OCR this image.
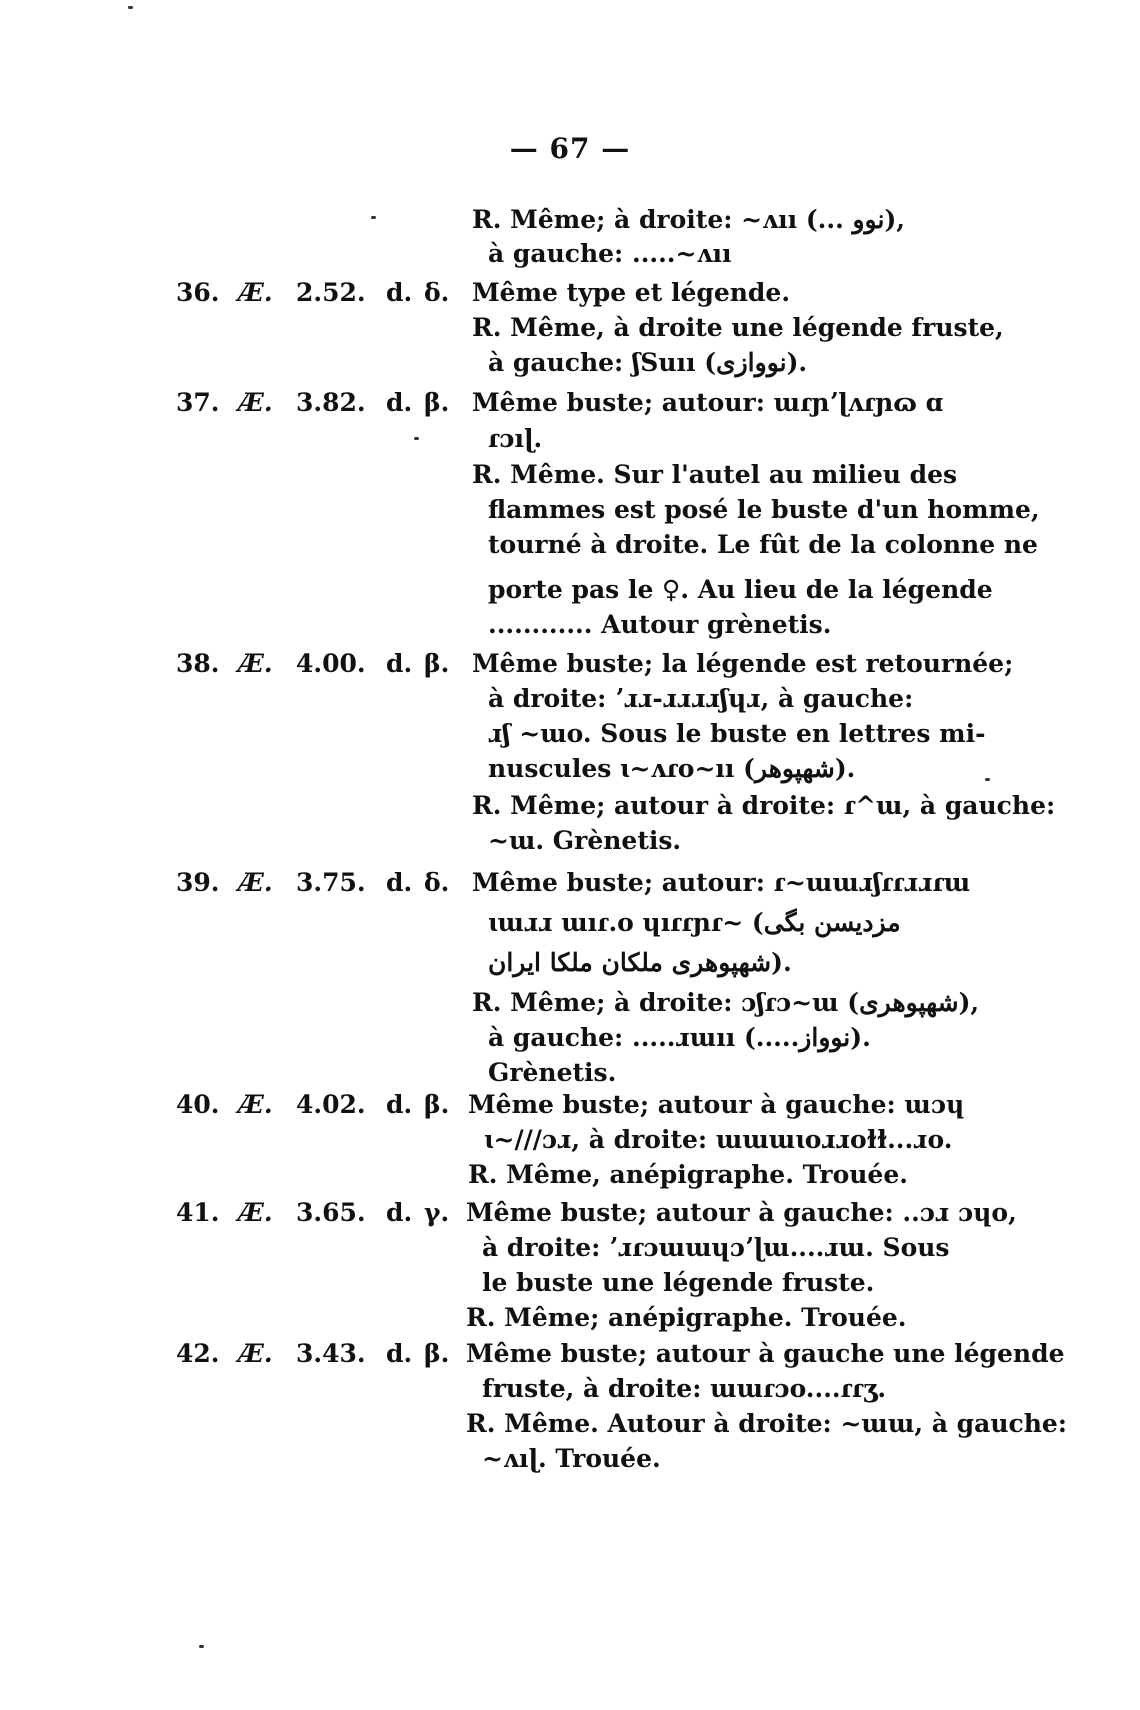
— 67 —
R. Même; à droite: ~ʌıı (... نوو),
à gauche: .....~ʌıı
36. Æ. 2.52. d. δ. Même type et légende.
R. Même, à droite une légende fruste,
à gauche: ʃSuıı (نووازی).
37. Æ. 3.82. d. β. Même buste; autour: ɯɾɲʼɭʌɾɲɷ ɑ
ɾɔıɭ.
R. Même. Sur l'autel au milieu des
flammes est posé le buste d'un homme,
tourné à droite. Le fût de la colonne ne
porte pas le ♀. Au lieu de la légende
............ Autour grènetis.
38. Æ. 4.00. d. β. Même buste; la légende est retournée;
à droite: ʼɹɹ-ɹɹɹɹʃɥɹ, à gauche:
ɹʃ ~ɯo. Sous le buste en lettres mi-
nuscules ɩ~ʌɾo~ıı (شهپوهر).
R. Même; autour à droite: ɾ^ɯ, à gauche:
~ɯ. Grènetis.
39. Æ. 3.75. d. δ. Même buste; autour: ɾ~ɯɯɹʃɾɾɹɹɾɯ
ɩɯɹɹ ɯıɾ.o ɥıɾɾɲɾ~ (مزدیسن بگی
شهپوهری ملکان ملکا ایران).
R. Même; à droite: ɔʃɾɔ~ɯ (شهپوهری),
à gauche: .....ɹɯıı (.....نوواز).
Grènetis.
40. Æ. 4.02. d. β. Même buste; autour à gauche: ɯɔɥ
ɩ~///ɔɹ, à droite: ɯɯɯɩoɹɹoɫɫ...ɹo.
R. Même, anépigraphe. Trouée.
41. Æ. 3.65. d. γ. Même buste; autour à gauche: ..ɔɹ ɔɥo,
à droite: ʼɹɾɔɯɯɥɔʼɭɯ....ɹɯ. Sous
le buste une légende fruste.
R. Même; anépigraphe. Trouée.
42. Æ. 3.43. d. β. Même buste; autour à gauche une légende
fruste, à droite: ɯɯɾɔo....ɾɾʒ.
R. Même. Autour à droite: ~ɯɯ, à gauche:
~ʌıɭ. Trouée.
